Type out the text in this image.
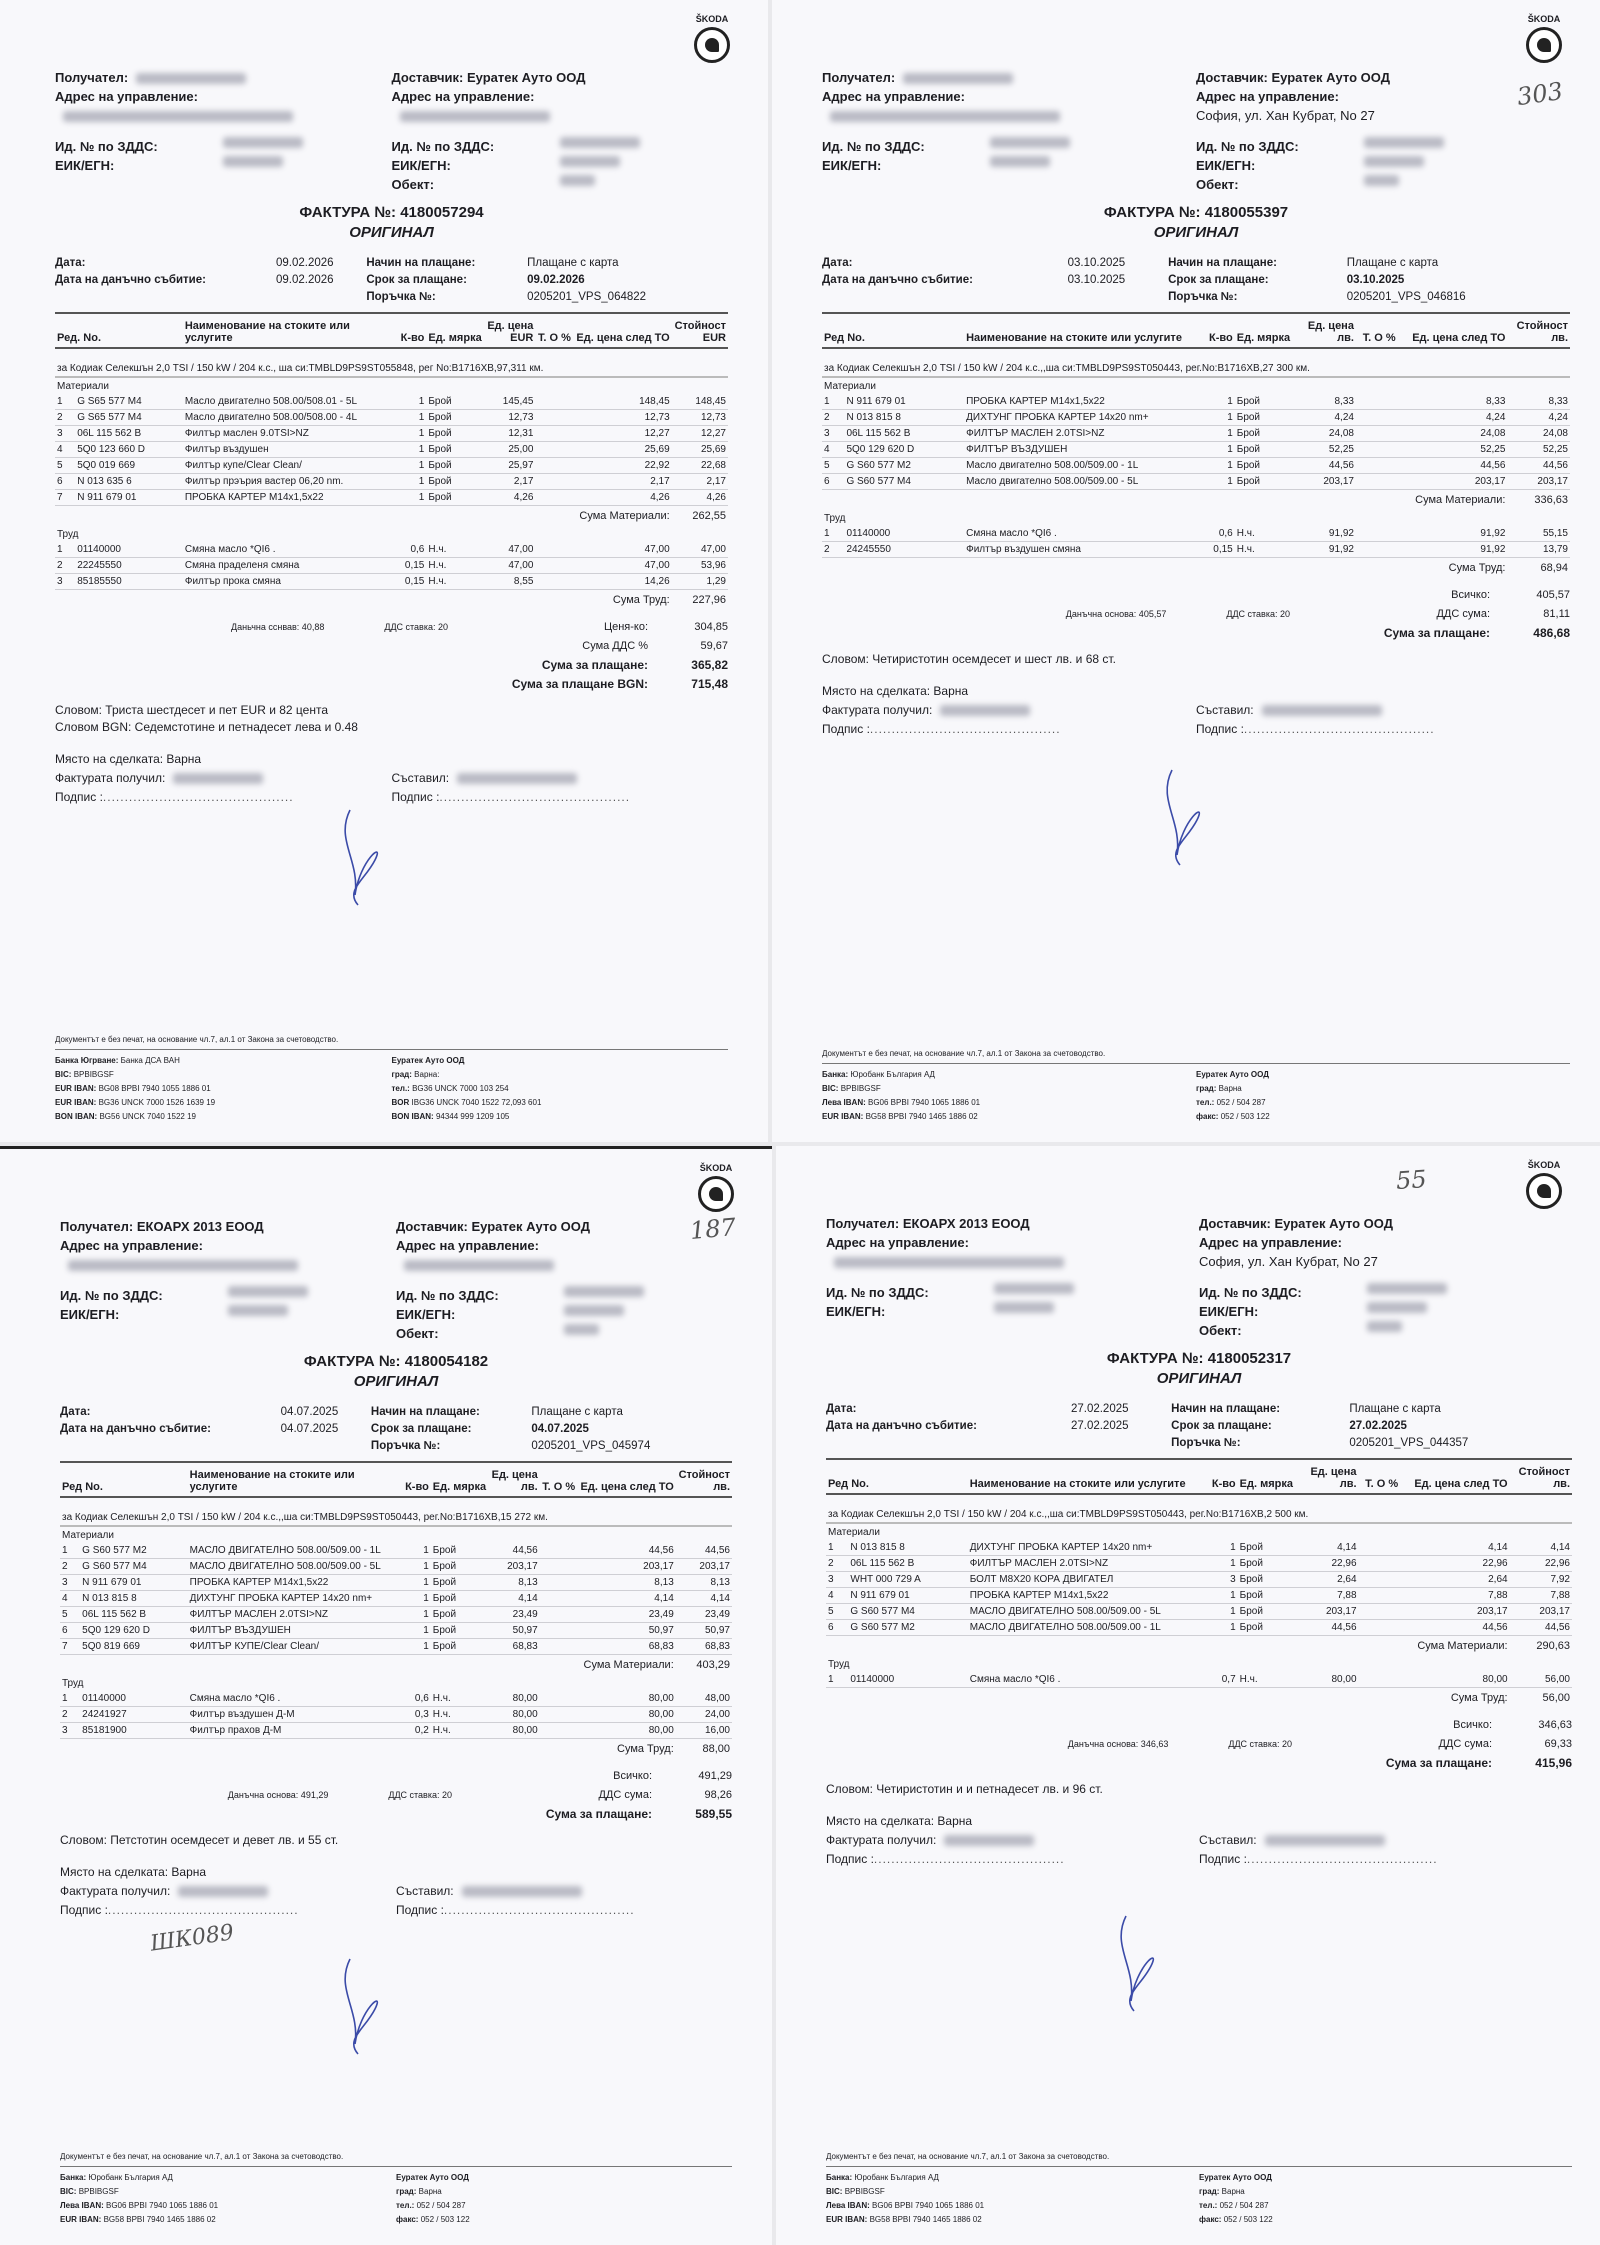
ŠKODA
Получател:
Адрес на управление:
Доставчик: Еуратек Ауто ООД
Адрес на управление:
Ид. № по ЗДДС:
ЕИК/ЕГН:
Ид. № по ЗДДС:
ЕИК/ЕГН:
Обект:
ФАКТУРА №: 4180057294
ОРИГИНАЛ
Дата:	09.02.2026	Начин на плащане:	Плащане с карта
Дата на данъчно събитие:	09.02.2026	Срок за плащане:	09.02.2026
Поръчка №:	0205201_VPS_064822
Ред. No.		Наименование на стоките или услугите	К-во	Ед. мярка	Ед. цена
EUR	Т. О %	Ед. цена след ТО	Стойност
EUR
за Кодиак Селекшън 2,0 TSI / 150 kW / 204 к.с., ша си:TMBLD9PS9ST055848, рег No:B1716XB,97,311 км.								
Материали								
1	G S65 577 M4	Масло двигателно 508.00/508.01 - 5L	1	Брой	145,45		148,45	148,45
2	G S65 577 M4	Масло двигателно 508.00/508.00 - 4L	1	Брой	12,73		12,73	12,73
3	06L 115 562 B	Филтър маслен 9.0TSI>NZ	1	Брой	12,31		12,27	12,27
4	5Q0 123 660 D	Филтър въздушен	1	Брой	25,00		25,69	25,69
5	5Q0 019 669	Филтър купе/Clear Clean/	1	Брой	25,97		22,92	22,68
6	N 013 635 6	Филтър прэърия вастер 06,20 nm.	1	Брой	2,17		2,17	2,17
7	N 911 679 01	ПРОБКА КАРТЕР M14x1,5x22	1	Брой	4,26		4,26	4,26
Сума Материали:								262,55
Труд								
1	01140000	Смяна масло *QI6 .	0,6	Н.ч.	47,00		47,00	47,00
2	22245550	Смяна праделеня смяна	0,15	Н.ч.	47,00		47,00	53,96
3	85185550	Филтър прока смяна	0,15	Н.ч.	8,55		14,26	1,29
Сума Труд:								227,96
Даньчна сснвав: 40,88	ДДС ставка: 20	Ценя-ко:	304,85
Сума ДДС %	59,67
Сума за плащане:	365,82
Сума за плащане BGN:	715,48
Словом: Триста шестдесет и пет EUR и 82 цента
Словом BGN: Седемстотинe и петнадесет лева и 0.48
Място на сделката: Варна
Фактурата получил:
Подпис :............................................

Съставил:
Подпис :............................................
Документът е без печат, на основание чл.7, ал.1 от Закона за счетоводство.
Банка Югрване: Банка ДСА ВАН
BIC: BPBIBGSF
EUR IBAN: BG08 BPBI 7940 1055 1886 01
EUR IBAN: BG36 UNCK 7000 1526 1639 19
BON IBAN: BG56 UNCK 7040 1522 19
Еуратек Ауто ООД
град: Варна:
тел.: BG36 UNCK 7000 103 254
BOR IBG36 UNCK 7040 1522 72,093 601
BON IBAN: 94344 999 1209 105
ŠKODA
Получател:
Адрес на управление:
Доставчик: Еуратек Ауто ООД
Адрес на управление:
София, ул. Хан Кубрат, No 27
Ид. № по ЗДДС:
ЕИК/ЕГН:
Ид. № по ЗДДС:
ЕИК/ЕГН:
Обект:
ФАКТУРА №: 4180055397
ОРИГИНАЛ
Дата:	03.10.2025	Начин на плащане:	Плащане с карта
Дата на данъчно събитие:	03.10.2025	Срок за плащане:	03.10.2025
Поръчка №:	0205201_VPS_046816
Ред No.		Наименование на стоките или услугите	К-во	Ед. мярка	Ед. цена
лв.	Т. О %	Ед. цена след ТО	Стойност
лв.
за Кодиак Селекшън 2,0 TSI / 150 kW / 204 к.с.,,ша си:TMBLD9PS9ST050443, рег.No:B1716XB,27 300 км.								
Материали								
1	N 911 679 01	ПРОБКА КАРТЕР M14x1,5x22	1	Брой	8,33		8,33	8,33
2	N 013 815 8	ДИХТУНГ ПРОБКА КАРТЕР 14x20 nm+	1	Брой	4,24		4,24	4,24
3	06L 115 562 B	ФИЛТЪР МАСЛЕН 2.0TSI>NZ	1	Брой	24,08		24,08	24,08
4	5Q0 129 620 D	ФИЛТЪР ВЪЗДУШЕН	1	Брой	52,25		52,25	52,25
5	G S60 577 M2	Масло двигателно 508.00/509.00 - 1L	1	Брой	44,56		44,56	44,56
6	G S60 577 M4	Масло двигателно 508.00/509.00 - 5L	1	Брой	203,17		203,17	203,17
Сума Материали:								336,63
Труд								
1	01140000	Смяна масло *QI6 .	0,6	Н.ч.	91,92		91,92	55,15
2	24245550	Филтър въздушен смяна	0,15	Н.ч.	91,92		91,92	13,79
Сума Труд:								68,94
Всичко:	405,57
Данъчна основа: 405,57	ДДС ставка: 20	ДДС сума:	81,11
Сума за плащане:	486,68
Словом: Четиристотин осемдесет и шест лв. и 68 ст.
Място на сделката: Варна
Фактурата получил:
Подпис :............................................

Съставил:
Подпис :............................................
Документът е без печат, на основание чл.7, ал.1 от Закона за счетоводство.
Банка: Юробанк България АД
BIC: BPBIBGSF
Лева IBAN: BG06 BPBI 7940 1065 1886 01
EUR IBAN: BG58 BPBI 7940 1465 1886 02
Еуратек Ауто ООД
град: Варна
тел.: 052 / 504 287
факс: 052 / 503 122
303
ŠKODA
Получател: ЕКОАРХ 2013 ЕООД
Адрес на управление:
Доставчик: Еуратек Ауто ООД
Адрес на управление:
Ид. № по ЗДДС:
ЕИК/ЕГН:
Ид. № по ЗДДС:
ЕИК/ЕГН:
Обект:
ФАКТУРА №: 4180054182
ОРИГИНАЛ
Дата:	04.07.2025	Начин на плащане:	Плащане с карта
Дата на данъчно събитие:	04.07.2025	Срок за плащане:	04.07.2025
Поръчка №:	0205201_VPS_045974
Ред No.		Наименование на стоките или услугите	К-во	Ед. мярка	Ед. цена
лв.	Т. О %	Ед. цена след ТО	Стойност
лв.
за Кодиак Селекшън 2,0 TSI / 150 kW / 204 к.с.,,ша си:TMBLD9PS9ST050443, рег.No:B1716XB,15 272 км.								
Материали								
1	G S60 577 M2	МАСЛО ДВИГАТЕЛНО 508.00/509.00 - 1L	1	Брой	44,56		44,56	44,56
2	G S60 577 M4	МАСЛО ДВИГАТЕЛНО 508.00/509.00 - 5L	1	Брой	203,17		203,17	203,17
3	N 911 679 01	ПРОБКА КАРТЕР M14x1,5x22	1	Брой	8,13		8,13	8,13
4	N 013 815 8	ДИХТУНГ ПРОБКА КАРТЕР 14x20 nm+	1	Брой	4,14		4,14	4,14
5	06L 115 562 B	ФИЛТЪР МАСЛЕН 2.0TSI>NZ	1	Брой	23,49		23,49	23,49
6	5Q0 129 620 D	ФИЛТЪР ВЪЗДУШЕН	1	Брой	50,97		50,97	50,97
7	5Q0 819 669	ФИЛТЪР КУПЕ/Clear Clean/	1	Брой	68,83		68,83	68,83
Сума Материали:								403,29
Труд								
1	01140000	Смяна масло *QI6 .	0,6	Н.ч.	80,00		80,00	48,00
2	24241927	Филтър въздушен Д-М	0,3	Н.ч.	80,00		80,00	24,00
3	85181900	Филтър прахов Д-М	0,2	Н.ч.	80,00		80,00	16,00
Сума Труд:								88,00
Всичко:	491,29
Данъчна основа: 491,29	ДДС ставка: 20	ДДС сума:	98,26
Сума за плащане:	589,55
Словом: Петстотин осемдесет и девет лв. и 55 ст.
Място на сделката: Варна
Фактурата получил:
Подпис :............................................

Съставил:
Подпис :............................................
ШК089
Документът е без печат, на основание чл.7, ал.1 от Закона за счетоводство.
Банка: Юробанк България АД
BIC: BPBIBGSF
Лева IBAN: BG06 BPBI 7940 1065 1886 01
EUR IBAN: BG58 BPBI 7940 1465 1886 02
Еуратек Ауто ООД
град: Варна
тел.: 052 / 504 287
факс: 052 / 503 122
187
ŠKODA
Получател: ЕКОАРХ 2013 ЕООД
Адрес на управление:
Доставчик: Еуратек Ауто ООД
Адрес на управление:
София, ул. Хан Кубрат, No 27
Ид. № по ЗДДС:
ЕИК/ЕГН:
Ид. № по ЗДДС:
ЕИК/ЕГН:
Обект:
ФАКТУРА №: 4180052317
ОРИГИНАЛ
Дата:	27.02.2025	Начин на плащане:	Плащане с карта
Дата на данъчно събитие:	27.02.2025	Срок за плащане:	27.02.2025
Поръчка №:	0205201_VPS_044357
Ред No.		Наименование на стоките или услугите	К-во	Ед. мярка	Ед. цена
лв.	Т. О %	Ед. цена след ТО	Стойност
лв.
за Кодиак Селекшън 2,0 TSI / 150 kW / 204 к.с.,,ша си:TMBLD9PS9ST050443, рег.No:B1716XB,2 500 км.								
Материали								
1	N 013 815 8	ДИХТУНГ ПРОБКА КАРТЕР 14x20 nm+	1	Брой	4,14		4,14	4,14
2	06L 115 562 B	ФИЛТЪР МАСЛЕН 2.0TSI>NZ	1	Брой	22,96		22,96	22,96
3	WHT 000 729 A	БОЛТ M8X20 КОРА ДВИГАТЕЛ	3	Брой	2,64		2,64	7,92
4	N 911 679 01	ПРОБКА КАРТЕР M14x1,5x22	1	Брой	7,88		7,88	7,88
5	G S60 577 M4	МАСЛО ДВИГАТЕЛНО 508.00/509.00 - 5L	1	Брой	203,17		203,17	203,17
6	G S60 577 M2	МАСЛО ДВИГАТЕЛНО 508.00/509.00 - 1L	1	Брой	44,56		44,56	44,56
Сума Материали:								290,63
Труд								
1	01140000	Смяна масло *QI6 .	0,7	Н.ч.	80,00		80,00	56,00
Сума Труд:								56,00
Всичко:	346,63
Данъчна основа: 346,63	ДДС ставка: 20	ДДС сума:	69,33
Сума за плащане:	415,96
Словом: Четиристотин и и петнадесет лв. и 96 ст.
Място на сделката: Варна
Фактурата получил:
Подпис :............................................

Съставил:
Подпис :............................................
Документът е без печат, на основание чл.7, ал.1 от Закона за счетоводство.
Банка: Юробанк България АД
BIC: BPBIBGSF
Лева IBAN: BG06 BPBI 7940 1065 1886 01
EUR IBAN: BG58 BPBI 7940 1465 1886 02
Еуратек Ауто ООД
град: Варна
тел.: 052 / 504 287
факс: 052 / 503 122
55
